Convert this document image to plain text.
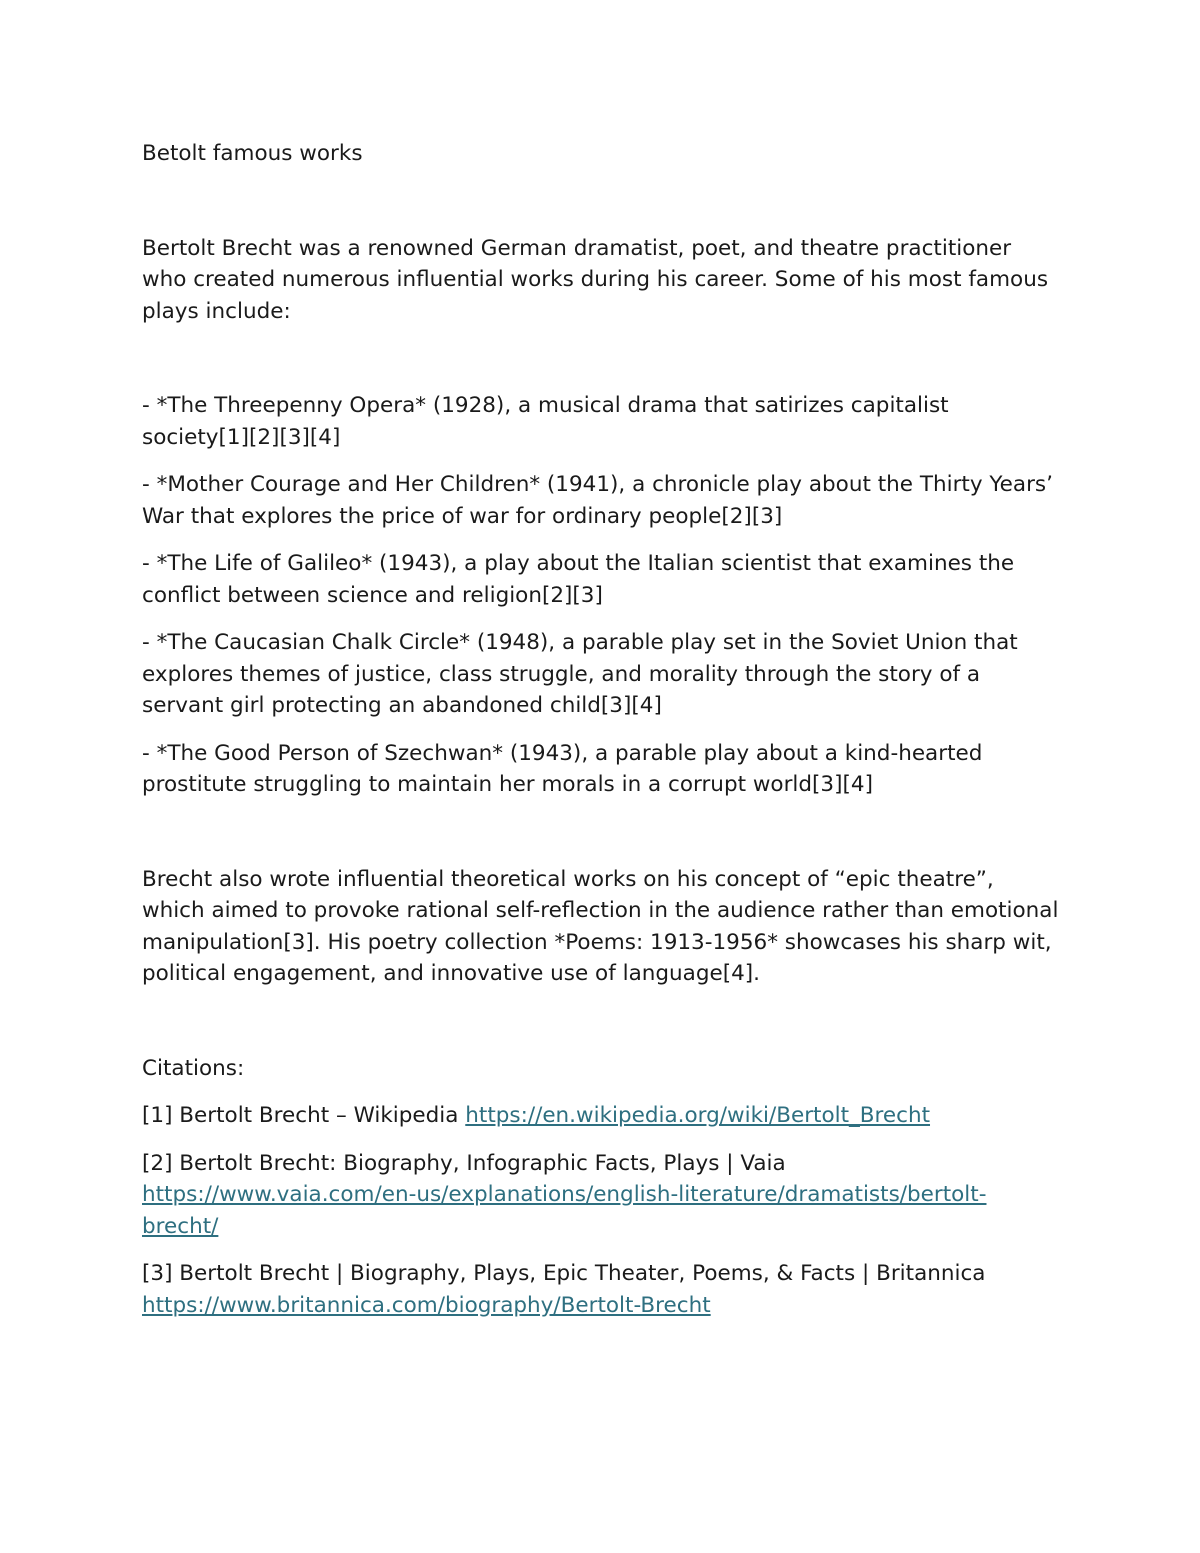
Betolt famous works

Bertolt Brecht was a renowned German dramatist, poet, and theatre practitioner who created numerous influential works during his career. Some of his most famous plays include:

- *The Threepenny Opera* (1928), a musical drama that satirizes capitalist society[1][2][3][4]

- *Mother Courage and Her Children* (1941), a chronicle play about the Thirty Years’ War that explores the price of war for ordinary people[2][3]

- *The Life of Galileo* (1943), a play about the Italian scientist that examines the conflict between science and religion[2][3]

- *The Caucasian Chalk Circle* (1948), a parable play set in the Soviet Union that explores themes of justice, class struggle, and morality through the story of a servant girl protecting an abandoned child[3][4]

- *The Good Person of Szechwan* (1943), a parable play about a kind-hearted prostitute struggling to maintain her morals in a corrupt world[3][4]

Brecht also wrote influential theoretical works on his concept of “epic theatre”, which aimed to provoke rational self-reflection in the audience rather than emotional manipulation[3]. His poetry collection *Poems: 1913-1956* showcases his sharp wit, political engagement, and innovative use of language[4].

Citations:

[1] Bertolt Brecht – Wikipedia https://en.wikipedia.org/wiki/Bertolt_Brecht

[2] Bertolt Brecht: Biography, Infographic Facts, Plays | Vaia https://www.vaia.com/en-us/explanations/english-literature/dramatists/bertolt-brecht/

[3] Bertolt Brecht | Biography, Plays, Epic Theater, Poems, & Facts | Britannica https://www.britannica.com/biography/Bertolt-Brecht
